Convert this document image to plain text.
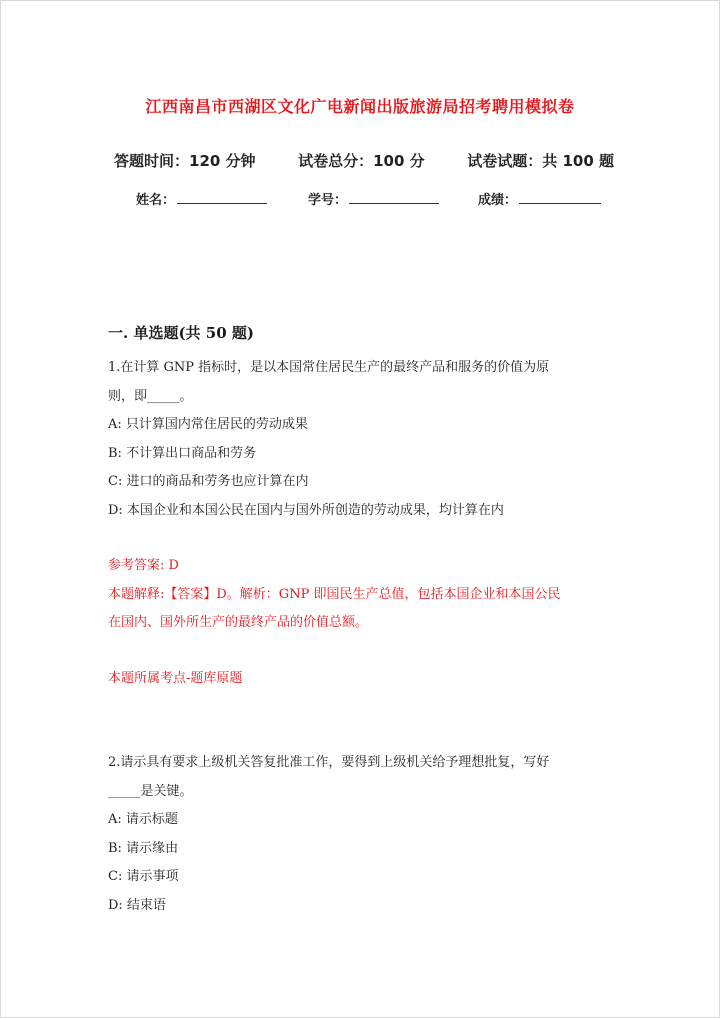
江西南昌市西湖区文化广电新闻出版旅游局招考聘用模拟卷
答题时间：120 分钟	试卷总分：100 分	试卷试题：共 100 题
姓名：	学号：	成绩：
一. 单选题(共 50 题)
1.在计算 GNP 指标时，是以本国常住居民生产的最终产品和服务的价值为原
则，即_____。
A: 只计算国内常住居民的劳动成果
B: 不计算出口商品和劳务
C: 进口的商品和劳务也应计算在内
D: 本国企业和本国公民在国内与国外所创造的劳动成果，均计算在内
参考答案: D
本题解释:【答案】D。解析：GNP 即国民生产总值，包括本国企业和本国公民
在国内、国外所生产的最终产品的价值总额。
本题所属考点-题库原题
2.请示具有要求上级机关答复批准工作，要得到上级机关给予理想批复，写好
_____是关键。
A: 请示标题
B: 请示缘由
C: 请示事项
D: 结束语
